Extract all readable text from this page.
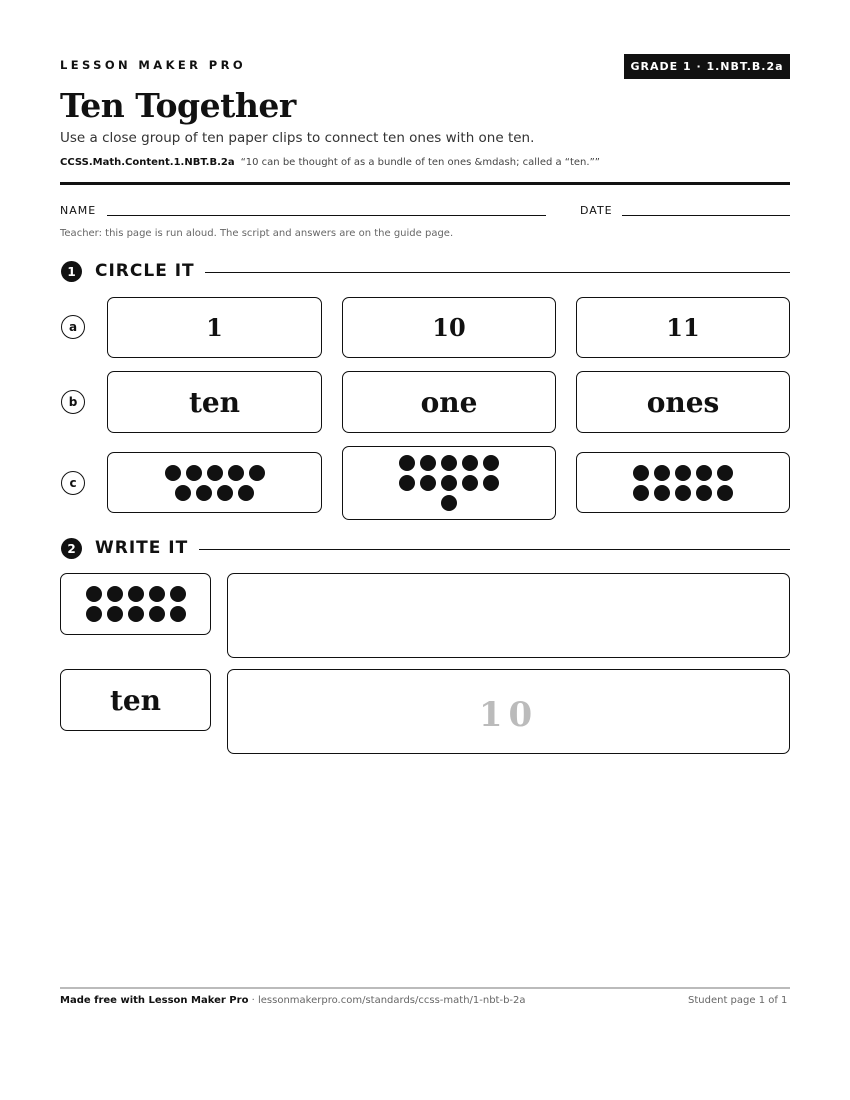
LESSON MAKER PRO	GRADE 1 · 1.NBT.B.2a
Ten Together
Use a close group of ten paper clips to connect ten ones with one ten.
CCSS.Math.Content.1.NBT.B.2a “10 can be thought of as a bundle of ten ones &mdash; called a “ten.””
NAME	DATE
Teacher: this page is run aloud. The script and answers are on the guide page.
1	CIRCLE IT
a	1	10	11
b	ten	one	ones
c
2	WRITE IT
ten	10
Made free with Lesson Maker Pro · lessonmakerpro.com/standards/ccss-math/1-nbt-b-2a	Student page 1 of 1
